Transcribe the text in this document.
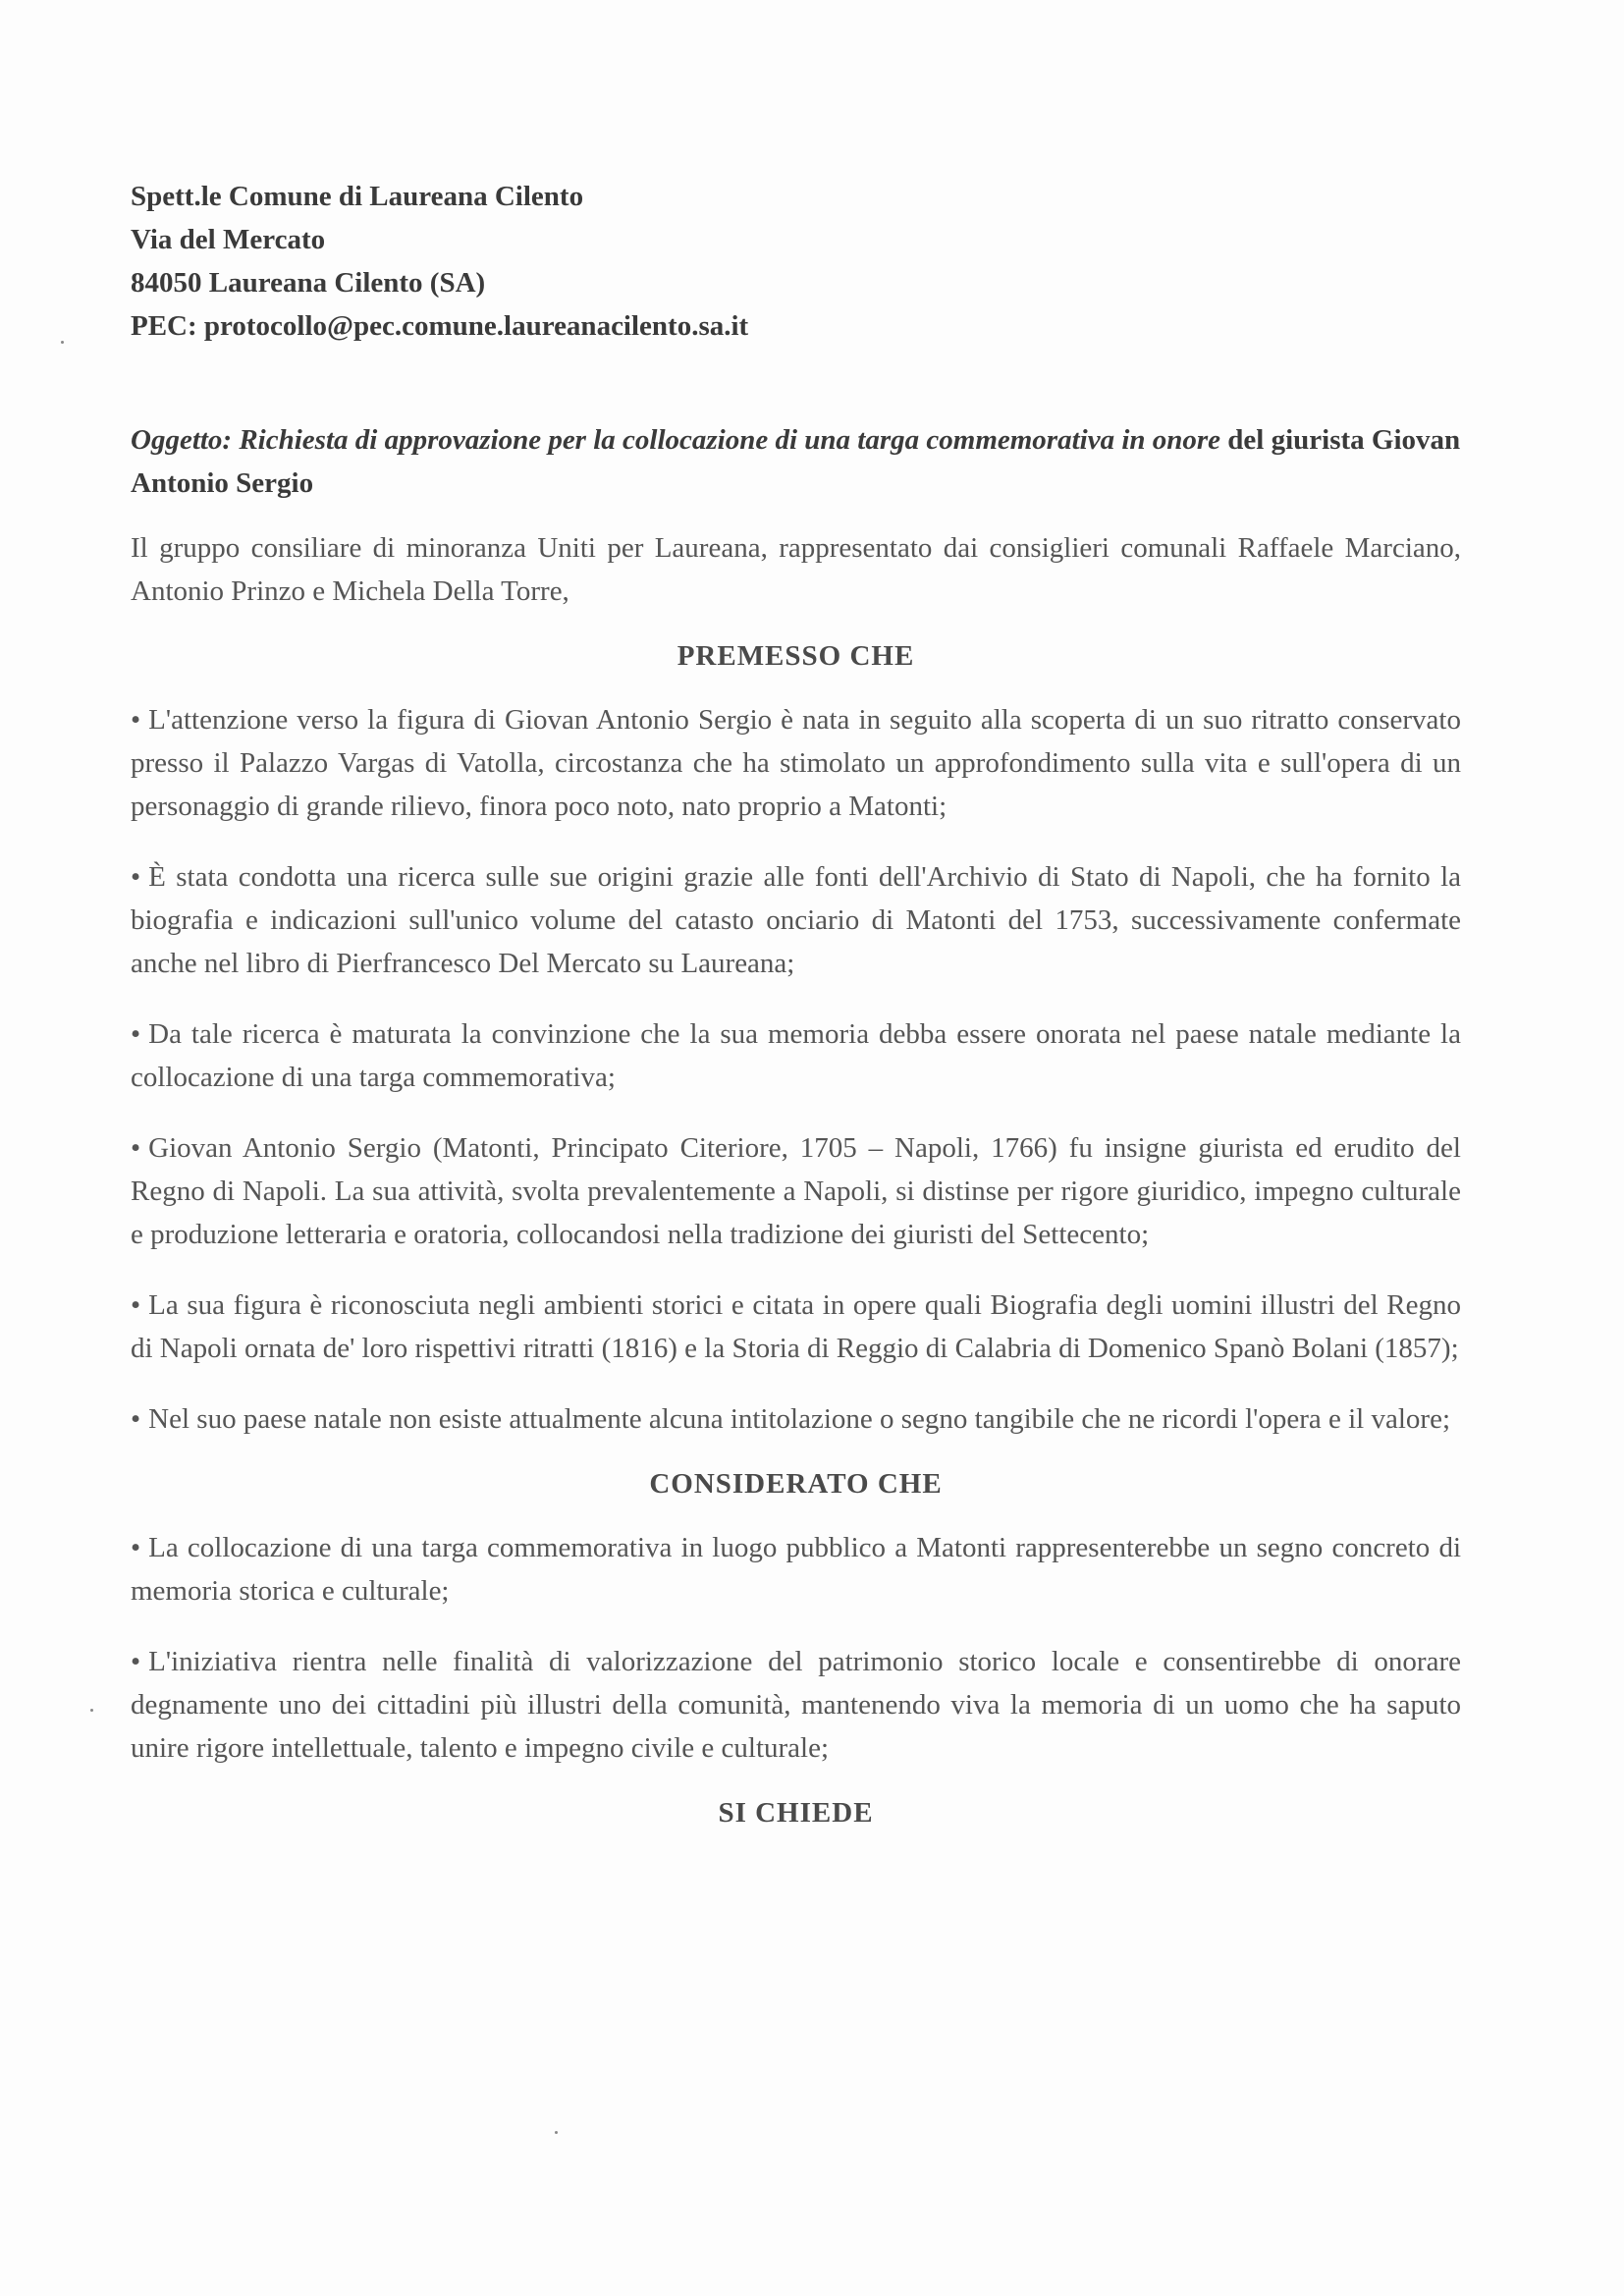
Spett.le Comune di Laureana Cilento
Via del Mercato
84050 Laureana Cilento (SA)
PEC: protocollo@pec.comune.laureanacilento.sa.it
Oggetto: Richiesta di approvazione per la collocazione di una targa commemorativa in onore del giurista Giovan Antonio Sergio
Il gruppo consiliare di minoranza Uniti per Laureana, rappresentato dai consiglieri comunali Raffaele Marciano, Antonio Prinzo e Michela Della Torre,
PREMESSO CHE
• L'attenzione verso la figura di Giovan Antonio Sergio è nata in seguito alla scoperta di un suo ritratto conservato presso il Palazzo Vargas di Vatolla, circostanza che ha stimolato un approfondimento sulla vita e sull'opera di un personaggio di grande rilievo, finora poco noto, nato proprio a Matonti;
• È stata condotta una ricerca sulle sue origini grazie alle fonti dell'Archivio di Stato di Napoli, che ha fornito la biografia e indicazioni sull'unico volume del catasto onciario di Matonti del 1753, successivamente confermate anche nel libro di Pierfrancesco Del Mercato su Laureana;
• Da tale ricerca è maturata la convinzione che la sua memoria debba essere onorata nel paese natale mediante la collocazione di una targa commemorativa;
• Giovan Antonio Sergio (Matonti, Principato Citeriore, 1705 – Napoli, 1766) fu insigne giurista ed erudito del Regno di Napoli. La sua attività, svolta prevalentemente a Napoli, si distinse per rigore giuridico, impegno culturale e produzione letteraria e oratoria, collocandosi nella tradizione dei giuristi del Settecento;
• La sua figura è riconosciuta negli ambienti storici e citata in opere quali Biografia degli uomini illustri del Regno di Napoli ornata de' loro rispettivi ritratti (1816) e la Storia di Reggio di Calabria di Domenico Spanò Bolani (1857);
• Nel suo paese natale non esiste attualmente alcuna intitolazione o segno tangibile che ne ricordi l'opera e il valore;
CONSIDERATO CHE
• La collocazione di una targa commemorativa in luogo pubblico a Matonti rappresenterebbe un segno concreto di memoria storica e culturale;
• L'iniziativa rientra nelle finalità di valorizzazione del patrimonio storico locale e consentirebbe di onorare degnamente uno dei cittadini più illustri della comunità, mantenendo viva la memoria di un uomo che ha saputo unire rigore intellettuale, talento e impegno civile e culturale;
SI CHIEDE
